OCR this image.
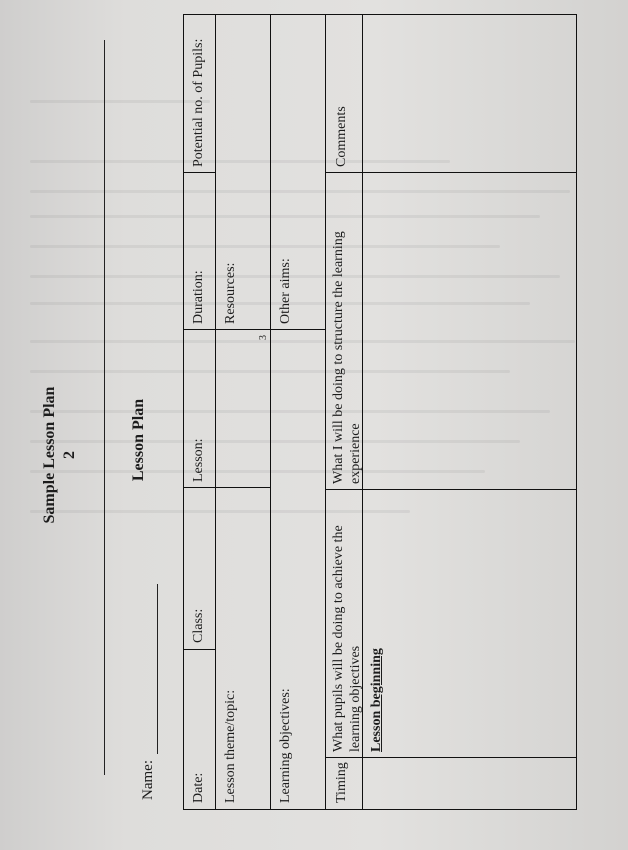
Sample Lesson Plan 2	Lesson Plan
3
Name:	Date:
Class:
Lesson:
Duration:
Potential no. of Pupils:
Lesson theme/topic:
Resources:
Learning objectives:
Other aims:
Timing
What pupils will be doing to achieve the learning objectives
What I will be doing to structure the learning experience
Comments
Lesson beginning
